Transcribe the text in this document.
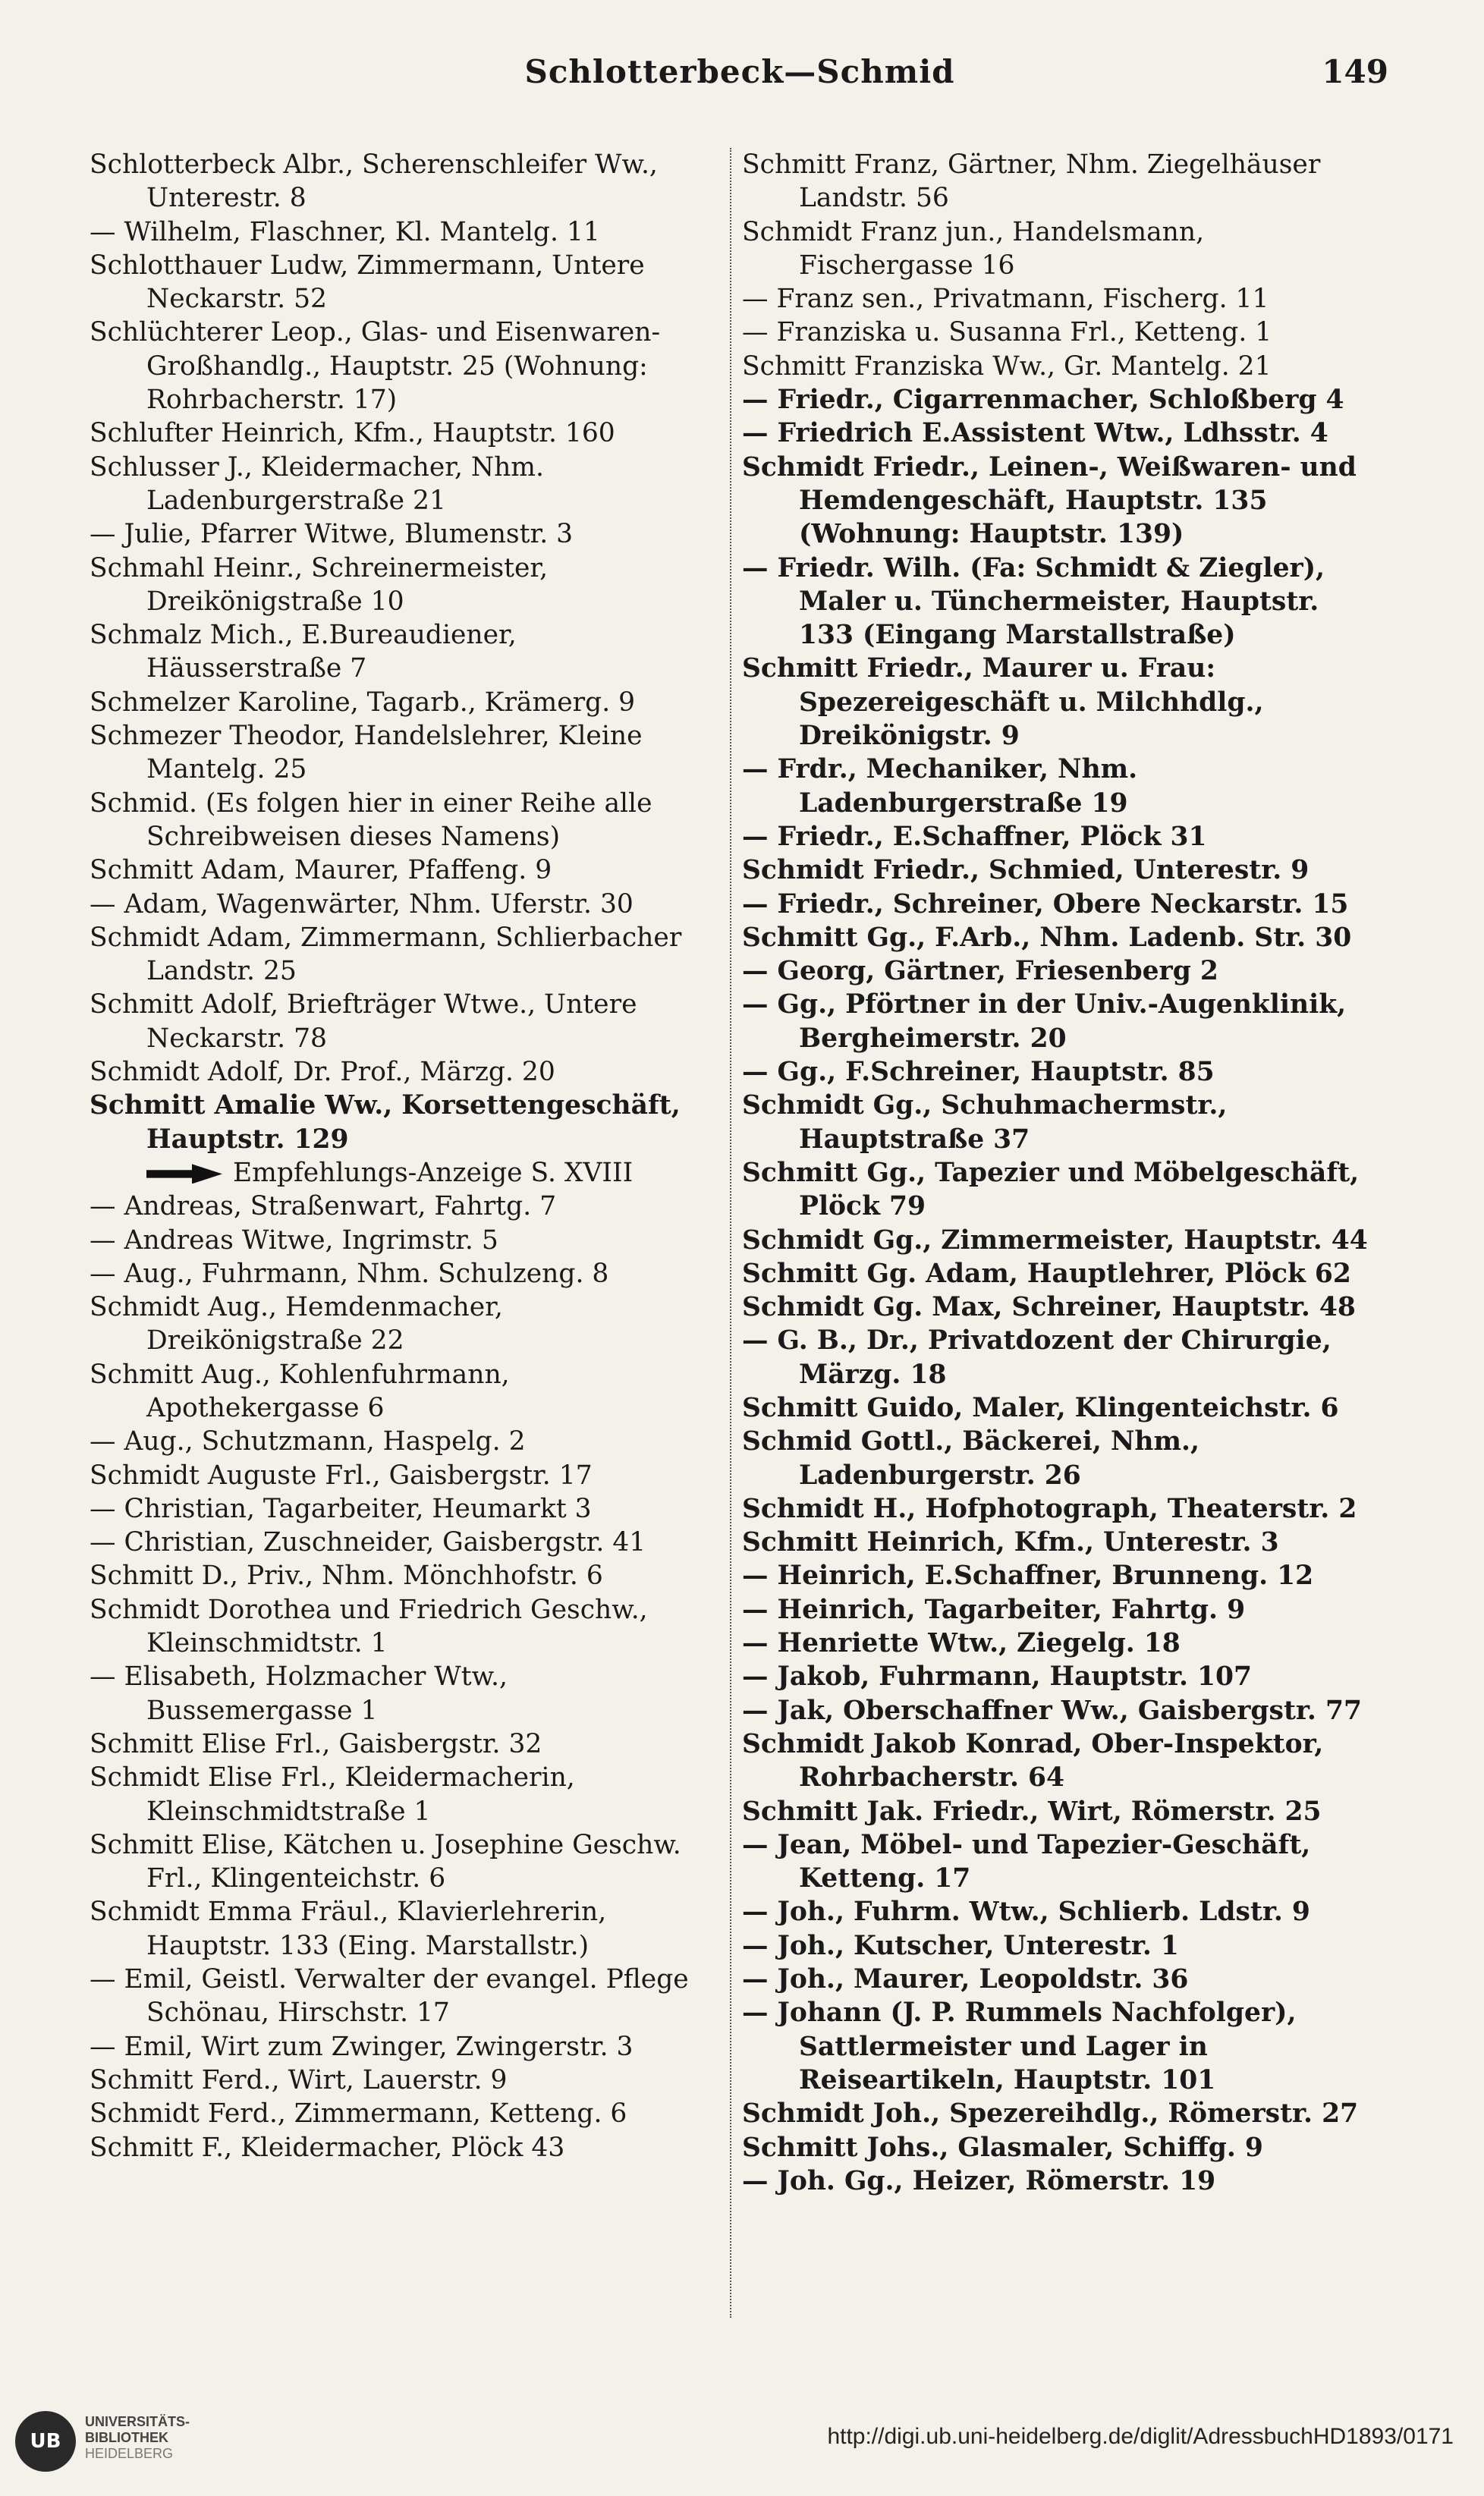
Schlotterbeck—Schmid	149
Schlotterbeck Albr., Scherenschleifer Ww., Unterestr. 8
— Wilhelm, Flaschner, Kl. Mantelg. 11
Schlotthauer Ludw, Zimmermann, Untere Neckarstr. 52
Schlüchterer Leop., Glas- und Eisenwaren-Großhandlg., Hauptstr. 25 (Wohnung: Rohrbacherstr. 17)
Schlufter Heinrich, Kfm., Hauptstr. 160
Schlusser J., Kleidermacher, Nhm. Ladenburgerstraße 21
— Julie, Pfarrer Witwe, Blumenstr. 3
Schmahl Heinr., Schreinermeister, Dreikönigstraße 10
Schmalz Mich., E.Bureaudiener, Häusserstraße 7
Schmelzer Karoline, Tagarb., Krämerg. 9
Schmezer Theodor, Handelslehrer, Kleine Mantelg. 25
Schmid. (Es folgen hier in einer Reihe alle Schreibweisen dieses Namens)
Schmitt Adam, Maurer, Pfaffeng. 9
— Adam, Wagenwärter, Nhm. Uferstr. 30
Schmidt Adam, Zimmermann, Schlierbacher Landstr. 25
Schmitt Adolf, Briefträger Wtwe., Untere Neckarstr. 78
Schmidt Adolf, Dr. Prof., Märzg. 20
Schmitt Amalie Ww., Korsettengeschäft, Hauptstr. 129
Empfehlungs-Anzeige S. XVIII
— Andreas, Straßenwart, Fahrtg. 7
— Andreas Witwe, Ingrimstr. 5
— Aug., Fuhrmann, Nhm. Schulzeng. 8
Schmidt Aug., Hemdenmacher, Dreikönigstraße 22
Schmitt Aug., Kohlenfuhrmann, Apothekergasse 6
— Aug., Schutzmann, Haspelg. 2
Schmidt Auguste Frl., Gaisbergstr. 17
— Christian, Tagarbeiter, Heumarkt 3
— Christian, Zuschneider, Gaisbergstr. 41
Schmitt D., Priv., Nhm. Mönchhofstr. 6
Schmidt Dorothea und Friedrich Geschw., Kleinschmidtstr. 1
— Elisabeth, Holzmacher Wtw., Bussemergasse 1
Schmitt Elise Frl., Gaisbergstr. 32
Schmidt Elise Frl., Kleidermacherin, Kleinschmidtstraße 1
Schmitt Elise, Kätchen u. Josephine Geschw. Frl., Klingenteichstr. 6
Schmidt Emma Fräul., Klavierlehrerin, Hauptstr. 133 (Eing. Marstallstr.)
— Emil, Geistl. Verwalter der evangel. Pflege Schönau, Hirschstr. 17
— Emil, Wirt zum Zwinger, Zwingerstr. 3
Schmitt Ferd., Wirt, Lauerstr. 9
Schmidt Ferd., Zimmermann, Ketteng. 6
Schmitt F., Kleidermacher, Plöck 43
Schmitt Franz, Gärtner, Nhm. Ziegelhäuser Landstr. 56
Schmidt Franz jun., Handelsmann, Fischergasse 16
— Franz sen., Privatmann, Fischerg. 11
— Franziska u. Susanna Frl., Ketteng. 1
Schmitt Franziska Ww., Gr. Mantelg. 21
— Friedr., Cigarrenmacher, Schloßberg 4
— Friedrich E.Assistent Wtw., Ldhsstr. 4
Schmidt Friedr., Leinen-, Weißwaren- und Hemdengeschäft, Hauptstr. 135 (Wohnung: Hauptstr. 139)
— Friedr. Wilh. (Fa: Schmidt & Ziegler), Maler u. Tünchermeister, Hauptstr. 133 (Eingang Marstallstraße)
Schmitt Friedr., Maurer u. Frau: Spezereigeschäft u. Milchhdlg., Dreikönigstr. 9
— Frdr., Mechaniker, Nhm. Ladenburgerstraße 19
— Friedr., E.Schaffner, Plöck 31
Schmidt Friedr., Schmied, Unterestr. 9
— Friedr., Schreiner, Obere Neckarstr. 15
Schmitt Gg., F.Arb., Nhm. Ladenb. Str. 30
— Georg, Gärtner, Friesenberg 2
— Gg., Pförtner in der Univ.-Augenklinik, Bergheimerstr. 20
— Gg., F.Schreiner, Hauptstr. 85
Schmidt Gg., Schuhmachermstr., Hauptstraße 37
Schmitt Gg., Tapezier und Möbelgeschäft, Plöck 79
Schmidt Gg., Zimmermeister, Hauptstr. 44
Schmitt Gg. Adam, Hauptlehrer, Plöck 62
Schmidt Gg. Max, Schreiner, Hauptstr. 48
— G. B., Dr., Privatdozent der Chirurgie, Märzg. 18
Schmitt Guido, Maler, Klingenteichstr. 6
Schmid Gottl., Bäckerei, Nhm., Ladenburgerstr. 26
Schmidt H., Hofphotograph, Theaterstr. 2
Schmitt Heinrich, Kfm., Unterestr. 3
— Heinrich, E.Schaffner, Brunneng. 12
— Heinrich, Tagarbeiter, Fahrtg. 9
— Henriette Wtw., Ziegelg. 18
— Jakob, Fuhrmann, Hauptstr. 107
— Jak, Oberschaffner Ww., Gaisbergstr. 77
Schmidt Jakob Konrad, Ober-Inspektor, Rohrbacherstr. 64
Schmitt Jak. Friedr., Wirt, Römerstr. 25
— Jean, Möbel- und Tapezier-Geschäft, Ketteng. 17
— Joh., Fuhrm. Wtw., Schlierb. Ldstr. 9
— Joh., Kutscher, Unterestr. 1
— Joh., Maurer, Leopoldstr. 36
— Johann (J. P. Rummels Nachfolger), Sattlermeister und Lager in Reiseartikeln, Hauptstr. 101
Schmidt Joh., Spezereihdlg., Römerstr. 27
Schmitt Johs., Glasmaler, Schiffg. 9
— Joh. Gg., Heizer, Römerstr. 19
UB
UNIVERSITÄTS-
BIBLIOTHEK
HEIDELBERG
http://digi.ub.uni-heidelberg.de/diglit/AdressbuchHD1893/0171
